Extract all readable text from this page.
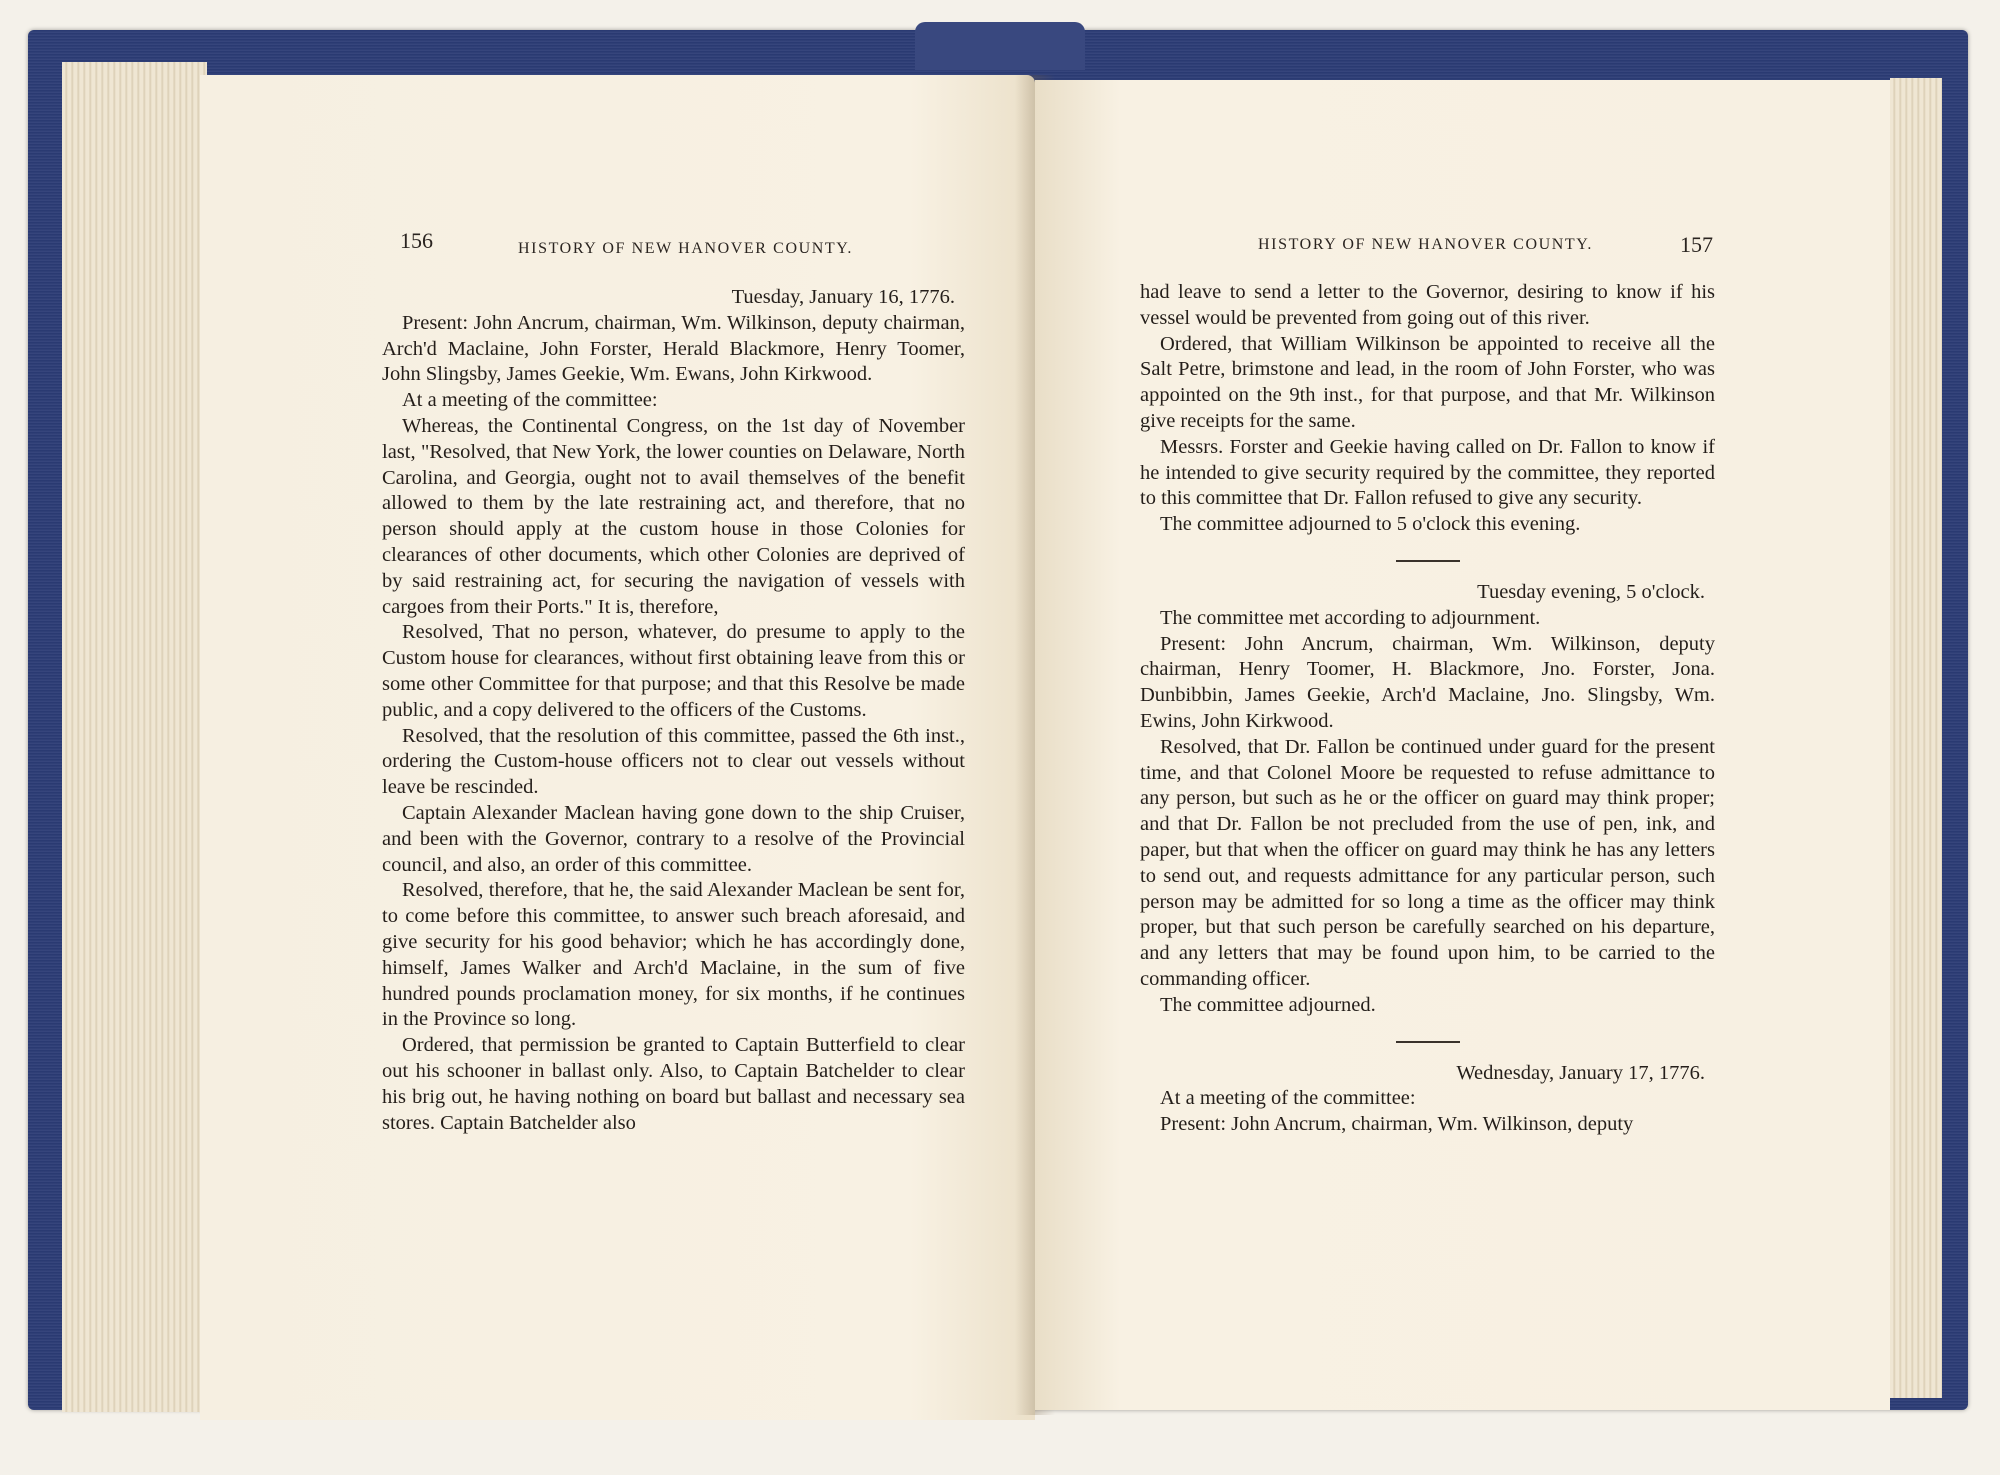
156	HISTORY OF NEW HANOVER COUNTY.

Tuesday, January 16, 1776.

Present: John Ancrum, chairman, Wm. Wilkinson, deputy chairman, Arch'd Maclaine, John Forster, Herald Blackmore, Henry Toomer, John Slingsby, James Geekie, Wm. Ewans, John Kirkwood.

At a meeting of the committee:

Whereas, the Continental Congress, on the 1st day of November last, "Resolved, that New York, the lower counties on Delaware, North Carolina, and Georgia, ought not to avail themselves of the benefit allowed to them by the late restraining act, and therefore, that no person should apply at the custom house in those Colonies for clearances of other documents, which other Colonies are deprived of by said restraining act, for securing the navigation of vessels with cargoes from their Ports." It is, therefore,

Resolved, That no person, whatever, do presume to apply to the Custom house for clearances, without first obtaining leave from this or some other Committee for that purpose; and that this Resolve be made public, and a copy delivered to the officers of the Customs.

Resolved, that the resolution of this committee, passed the 6th inst., ordering the Custom-house officers not to clear out vessels without leave be rescinded.

Captain Alexander Maclean having gone down to the ship Cruiser, and been with the Governor, contrary to a resolve of the Provincial council, and also, an order of this committee.

Resolved, therefore, that he, the said Alexander Maclean be sent for, to come before this committee, to answer such breach aforesaid, and give security for his good behavior; which he has accordingly done, himself, James Walker and Arch'd Maclaine, in the sum of five hundred pounds proclamation money, for six months, if he continues in the Province so long.

Ordered, that permission be granted to Captain Butterfield to clear out his schooner in ballast only. Also, to Captain Batchelder to clear his brig out, he having nothing on board but ballast and necessary sea stores. Captain Batchelder also

HISTORY OF NEW HANOVER COUNTY.	157

had leave to send a letter to the Governor, desiring to know if his vessel would be prevented from going out of this river.

Ordered, that William Wilkinson be appointed to receive all the Salt Petre, brimstone and lead, in the room of John Forster, who was appointed on the 9th inst., for that purpose, and that Mr. Wilkinson give receipts for the same.

Messrs. Forster and Geekie having called on Dr. Fallon to know if he intended to give security required by the committee, they reported to this committee that Dr. Fallon refused to give any security.

The committee adjourned to 5 o'clock this evening.

Tuesday evening, 5 o'clock.

The committee met according to adjournment.

Present: John Ancrum, chairman, Wm. Wilkinson, deputy chairman, Henry Toomer, H. Blackmore, Jno. Forster, Jona. Dunbibbin, James Geekie, Arch'd Maclaine, Jno. Slingsby, Wm. Ewins, John Kirkwood.

Resolved, that Dr. Fallon be continued under guard for the present time, and that Colonel Moore be requested to refuse admittance to any person, but such as he or the officer on guard may think proper; and that Dr. Fallon be not precluded from the use of pen, ink, and paper, but that when the officer on guard may think he has any letters to send out, and requests admittance for any particular person, such person may be admitted for so long a time as the officer may think proper, but that such person be carefully searched on his departure, and any letters that may be found upon him, to be carried to the commanding officer.

The committee adjourned.

Wednesday, January 17, 1776.

At a meeting of the committee:

Present: John Ancrum, chairman, Wm. Wilkinson, deputy
